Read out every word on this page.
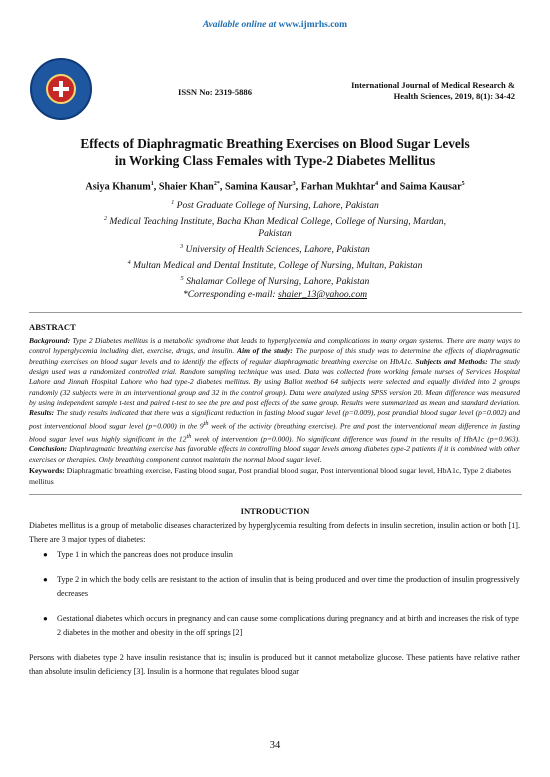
Available online at www.ijmrhs.com
ISSN No: 2319-5886
International Journal of Medical Research &
Health Sciences, 2019, 8(1): 34-42
Effects of Diaphragmatic Breathing Exercises on Blood Sugar Levels
in Working Class Females with Type-2 Diabetes Mellitus
Asiya Khanum$^1$, Shaier Khan$^{2*}$, Samina Kausar$^3$, Farhan Mukhtar$^4$ and Saima Kausar$^5$
$^1$ Post Graduate College of Nursing, Lahore, Pakistan
$^2$ Medical Teaching Institute, Bacha Khan Medical College, College of Nursing, Mardan,
Pakistan
$^3$ University of Health Sciences, Lahore, Pakistan
$^4$ Multan Medical and Dental Institute, College of Nursing, Multan, Pakistan
$^5$ Shalamar College of Nursing, Lahore, Pakistan
*Corresponding e-mail: shaier_13@yahoo.com
ABSTRACT
Background: Type 2 Diabetes mellitus is a metabolic syndrome that leads to hyperglycemia and complications in many organ systems. There are many ways to control hyperglycemia including diet, exercise, drugs, and insulin. Aim of the study: The purpose of this study was to determine the effects of diaphragmatic breathing exercises on blood sugar levels and to identify the effects of regular diaphragmatic breathing exercise on HbA1c. Subjects and Methods: The study design used was a randomized controlled trial. Random sampling technique was used. Data was collected from working female nurses of Services Hospital Lahore and Jinnah Hospital Lahore who had type-2 diabetes mellitus. By using Ballot method 64 subjects were selected and equally divided into 2 groups randomly (32 subjects were in an interventional group and 32 in the control group). Data were analyzed using SPSS version 20. Mean difference was measured by using independent sample t-test and paired t-test to see the pre and post effects of the same group. Results were summarized as mean and standard deviation. Results: The study results indicated that there was a significant reduction in fasting blood sugar level (p=0.009), post prandial blood sugar level (p=0.002) and post interventional blood sugar level (p=0.000) in the 9th week of the activity (breathing exercise). Pre and post the interventional mean difference in fasting blood sugar level was highly significant in the 12th week of intervention (p=0.000). No significant difference was found in the results of HbA1c (p=0.963). Conclusion: Diaphragmatic breathing exercise has favorable effects in controlling blood sugar levels among diabetes type-2 patients if it is combined with other exercises or therapies. Only breathing component cannot maintain the normal blood sugar level.
Keywords: Diaphragmatic breathing exercise, Fasting blood sugar, Post prandial blood sugar, Post interventional blood sugar level, HbA1c, Type 2 diabetes mellitus
INTRODUCTION
Diabetes mellitus is a group of metabolic diseases characterized by hyperglycemia resulting from defects in insulin secretion, insulin action or both [1]. There are 3 major types of diabetes:
● Type 1 in which the pancreas does not produce insulin
● Type 2 in which the body cells are resistant to the action of insulin that is being produced and over time the production of insulin progressively decreases
● Gestational diabetes which occurs in pregnancy and can cause some complications during pregnancy and at birth and increases the risk of type 2 diabetes in the mother and obesity in the off springs [2]
Persons with diabetes type 2 have insulin resistance that is; insulin is produced but it cannot metabolize glucose. These patients have relative rather than absolute insulin deficiency [3]. Insulin is a hormone that regulates blood sugar
34
